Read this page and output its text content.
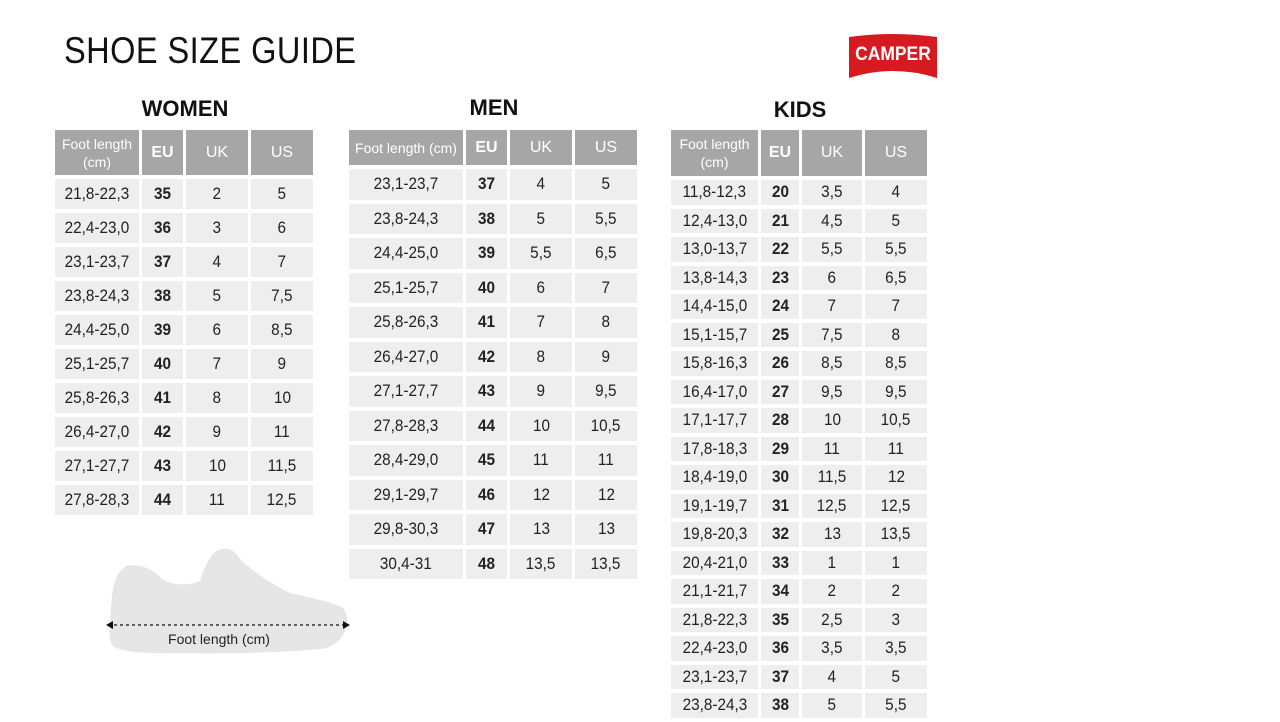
SHOE SIZE GUIDE	CAMPER
WOMEN
Foot length (cm)	EU	UK	US
21,8-22,3	35	2	5
22,4-23,0	36	3	6
23,1-23,7	37	4	7
23,8-24,3	38	5	7,5
24,4-25,0	39	6	8,5
25,1-25,7	40	7	9
25,8-26,3	41	8	10
26,4-27,0	42	9	11
27,1-27,7	43	10	11,5
27,8-28,3	44	11	12,5
MEN
Foot length (cm)	EU	UK	US
23,1-23,7	37	4	5
23,8-24,3	38	5	5,5
24,4-25,0	39	5,5	6,5
25,1-25,7	40	6	7
25,8-26,3	41	7	8
26,4-27,0	42	8	9
27,1-27,7	43	9	9,5
27,8-28,3	44	10	10,5
28,4-29,0	45	11	11
29,1-29,7	46	12	12
29,8-30,3	47	13	13
30,4-31	48	13,5	13,5
KIDS
Foot length (cm)	EU	UK	US
11,8-12,3	20	3,5	4
12,4-13,0	21	4,5	5
13,0-13,7	22	5,5	5,5
13,8-14,3	23	6	6,5
14,4-15,0	24	7	7
15,1-15,7	25	7,5	8
15,8-16,3	26	8,5	8,5
16,4-17,0	27	9,5	9,5
17,1-17,7	28	10	10,5
17,8-18,3	29	11	11
18,4-19,0	30	11,5	12
19,1-19,7	31	12,5	12,5
19,8-20,3	32	13	13,5
20,4-21,0	33	1	1
21,1-21,7	34	2	2
21,8-22,3	35	2,5	3
22,4-23,0	36	3,5	3,5
23,1-23,7	37	4	5
23,8-24,3	38	5	5,5
Foot length (cm)
